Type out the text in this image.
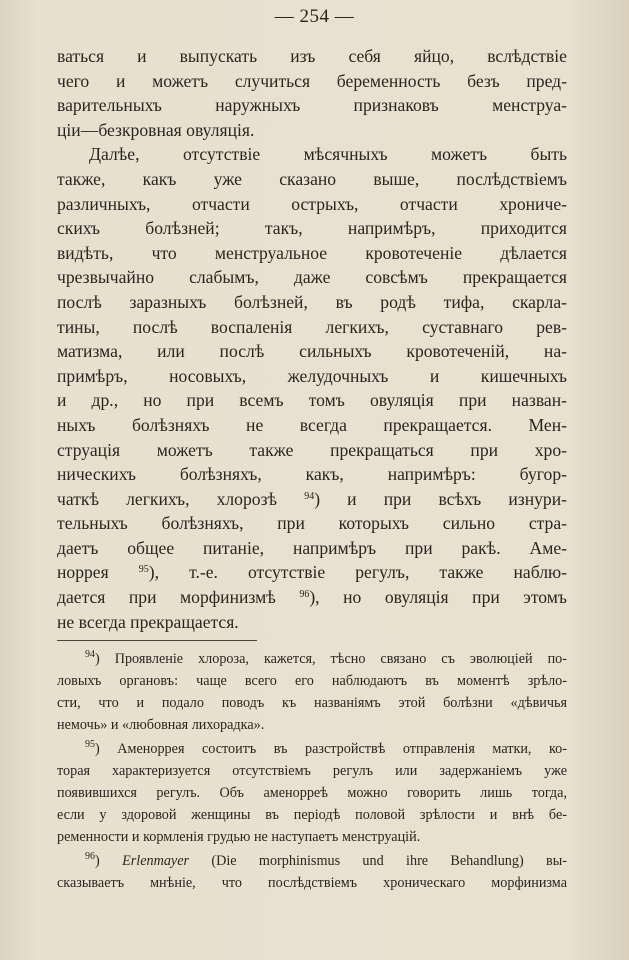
— 254 —
ваться и выпускать изъ себя яйцо, вслѣдствіе
чего и можетъ случиться беременность безъ пред-
варительныхъ наружныхъ признаковъ менструа-
ціи—безкровная овуляція.
Далѣе, отсутствіе мѣсячныхъ можетъ быть
также, какъ уже сказано выше, послѣдствіемъ
различныхъ, отчасти острыхъ, отчасти хрониче-
скихъ болѣзней; такъ, напримѣръ, приходится
видѣть, что менструальное кровотеченіе дѣлается
чрезвычайно слабымъ, даже совсѣмъ прекращается
послѣ заразныхъ болѣзней, въ родѣ тифа, скарла-
тины, послѣ воспаленія легкихъ, суставнаго рев-
матизма, или послѣ сильныхъ кровотеченій, на-
примѣръ, носовыхъ, желудочныхъ и кишечныхъ
и др., но при всемъ томъ овуляція при назван-
ныхъ болѣзняхъ не всегда прекращается. Мен-
струація можетъ также прекращаться при хро-
ническихъ болѣзняхъ, какъ, напримѣръ: бугор-
чаткѣ легкихъ, хлорозѣ $^{94}$) и при всѣхъ изнури-
тельныхъ болѣзняхъ, при которыхъ сильно стра-
даетъ общее питаніе, напримѣръ при ракѣ. Аме-
норрея $^{95}$), т.-е. отсутствіе регулъ, также наблю-
дается при морфинизмѣ $^{96}$), но овуляція при этомъ
не всегда прекращается.
$^{94}$) Проявленіе хлороза, кажется, тѣсно связано съ эволюціей по-
ловыхъ органовъ: чаще всего его наблюдаютъ въ моментѣ зрѣло-
сти, что и подало поводъ къ названіямъ этой болѣзни «дѣвичья
немочь» и «любовная лихорадка».
$^{95}$) Аменоррея состоитъ въ разстройствѣ отправленія матки, ко-
торая характеризуется отсутствіемъ регулъ или задержаніемъ уже
появившихся регулъ. Объ аменорреѣ можно говорить лишь тогда,
если у здоровой женщины въ періодѣ половой зрѣлости и внѣ бе-
ременности и кормленія грудью не наступаетъ менструацій.
$^{96}$) Erlenmayer (Die morphinismus und ihre Behandlung) вы-
сказываетъ мнѣніе, что послѣдствіемъ хроническаго морфинизма
